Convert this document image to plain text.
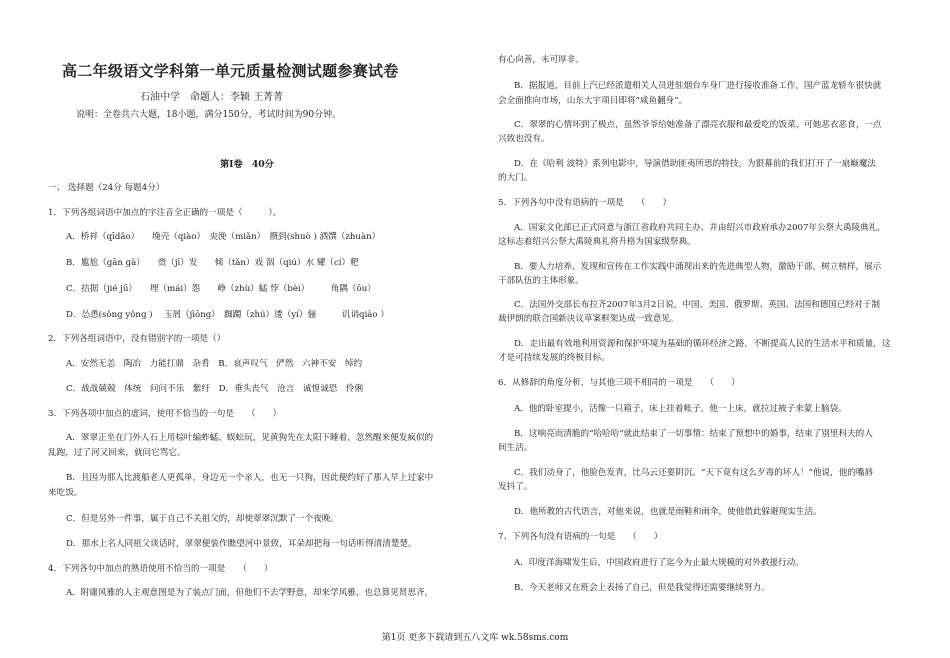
高二年级语文学科第一单元质量检测试题参赛试卷
石油中学　命题人：李颖 王菁菁
说明：全卷共六大题，18小题，满分150分，考试时间为90分钟。
第Ⅰ卷　40分
一、 选择题（24分 每题4分）
1．下列各组词语中加点的字注音全正确的一项是（　　　）。
A．桥袢（qīdǎo）　　堍壳（qiào）　央浼（miǎn）　攒到(shuò ) 酒馔（zhuàn）
B．尴尬（gān gà）　　赍（jī）发　　倾（tǎn）戏 泅（qiú）水 耀（cí）粑
C．拮据（jié jū）　　埋（mái）怨　　峥（zhù）蜢 悖（bèi）　　　角隅（ōu）
D．怂恿(sǒng yǒng )　 玉屑（jīōng）　踟躅（zhú）逶（yí）俪　　　讥诮qiào ）
2．下列各组词语中，没有错别字的一项是（）
A．安然无恙　陶冶　力能扛鼎　杂肴　B．哀声叹气　俨然　六神不安　绰约
C．战战兢兢　体统　问问不乐　紫纡　D．垂头丧气　沧言　诚惶诚恐　伶俐
3．下列各项中加点的虚词，使用不恰当的一句是　　（　　）
A．翠翠正坐在门外人石上用棕叶编蚱蜢、蜈蚣玩，见黄狗先在太阳下睡着，忽然醒来便发疯似的
乱跑，过了河又回来，就问它骂它。
B．且因为那人比渡船老人更孤单，身边无一个亲人，也无一只狗，因此便约好了那人早上过家中
来吃饭。
C．但是另外一件事，属于自己不关祖父的，却使翠翠沉默了一个夜晚。
D．那水上名人同祖父谈话时，翠翠便装作瞧望河中景致，耳朵却把每一句话听得清清楚楚。
4．下列各句中加点的熟语使用不恰当的一项是　　（　　）
A．附庸风雅的人主观意图是为了装点门面，但他们不去学野意，却来学风雅，也总算见贤思齐，
有心向善，未可厚非。
B．据报道，目前上汽已经派遣相关人员进驻烟台车身厂进行接收准备工作，国产蓝龙轿车很快就
会全面推向市场，山东大宇项目即将“咸鱼翻身”。
C．翠翠的心情坏到了极点，虽然爷爷给她准备了漂亮衣服和最爱吃的饭菜，可她恶衣恶食，一点
兴致也没有。
D．在《哈利 波特》系列电影中，导演借助匪夷所思的特技，为银幕前的我们打开了一扇巅魔法
的大门。
5．下列各句中没有语病的一项是　　（　　）
A．国家文化部已正式同意与浙江省政府共同主办、并由绍兴市政府承办2007年公祭大禹陵典礼，
这标志着绍兴公祭大禹陵典礼将升格为国家级祭典。
B．要人力培养、发现和宣传在工作实践中涌现出来的先进典型人物，激励干部，树立榜样，展示
干部队伍的主体形象。
C．法国外交部长布拉齐2007年3月2日说，中国、美国、俄罗斯、英国、法国和德国已经对于制
裁伊朗的联合国新决议草案框架达成一致意见。
D．走出最有效地利用资源和保护环境为基础的循环经济之路，不断提高人民的生活水平和质量，这
才是可持续发展的终极目标。
6．从修辞的角度分析，与其他三项不相同的一项是　　（　　）
A．他的卧室提小，活像一只箱子，床上挂着帐子，他一上床，就拉过被子来蒙上脑袋。
B．这响亮而清脆的“哈哈哈”就此结束了一切事情：结束了预想中的婚事，结束了别里科夫的人
间生活。
C．我们动身了，他脸色发青，比乌云还要阴沉。“天下竟有这么歹毒的坏人！”他说，他的嘴唇
发抖了。
D．他所教的古代语言，对他来说，也就是雨鞋和雨伞，使他借此躲避现实生活。
7、下列各句没有语病的一句是　　（　　）
A．印度洋海啸发生后，中国政府进行了迄今为止最大规模的对外救援行动。
B．今天老师又在班会上表扬了自己，但是我觉得还需要继续努力。
第1页 更多下载请到五八文库 wk.58sms.com
